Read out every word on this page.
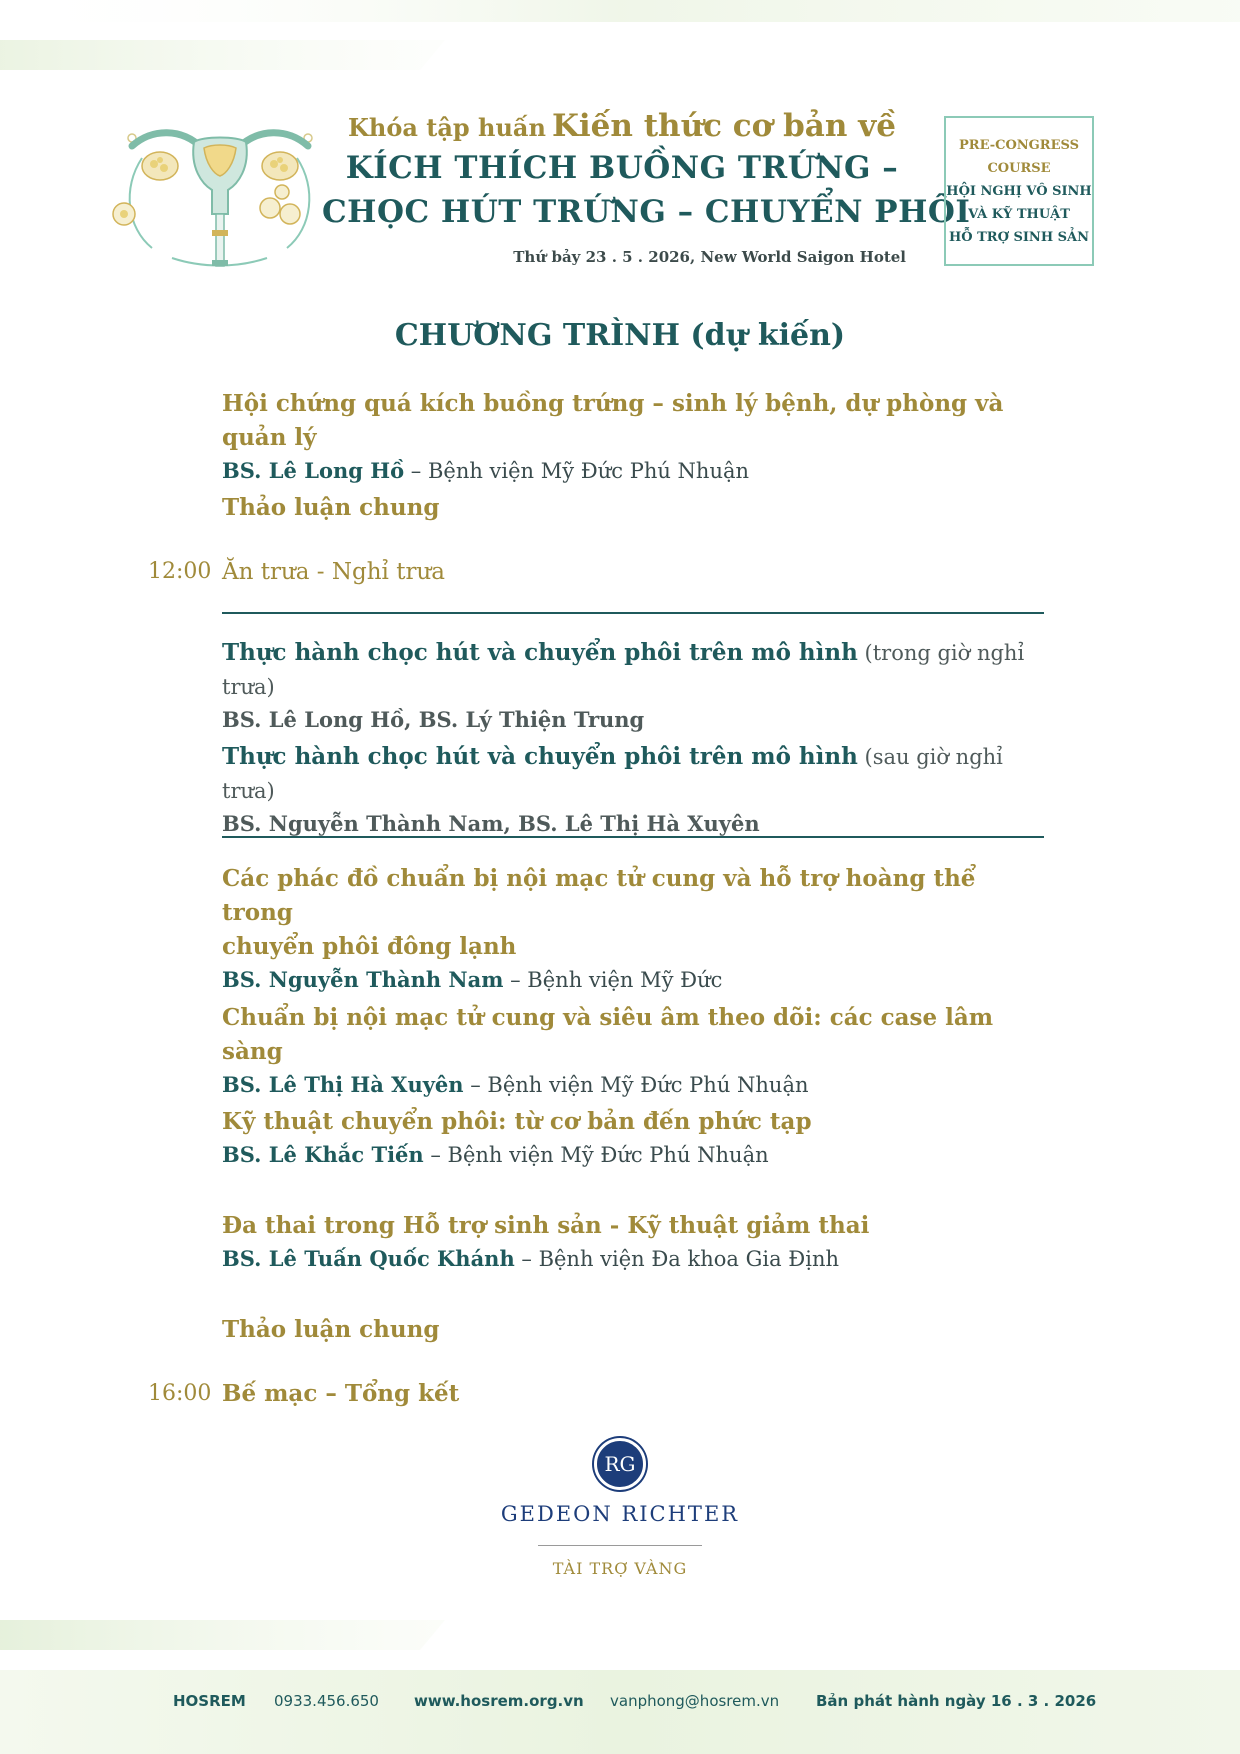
Khóa tập huấn Kiến thức cơ bản về
KÍCH THÍCH BUỒNG TRỨNG –
CHỌC HÚT TRỨNG – CHUYỂN PHÔI
Thứ bảy 23 . 5 . 2026, New World Saigon Hotel
PRE-CONGRESS
COURSE
HỘI NGHỊ VÔ SINH
VÀ KỸ THUẬT
HỖ TRỢ SINH SẢN
CHƯƠNG TRÌNH (dự kiến)
Hội chứng quá kích buồng trứng – sinh lý bệnh, dự phòng và quản lý
BS. Lê Long Hồ – Bệnh viện Mỹ Đức Phú Nhuận
Thảo luận chung
12:00 Ăn trưa - Nghỉ trưa
Thực hành chọc hút và chuyển phôi trên mô hình (trong giờ nghỉ trưa)
BS. Lê Long Hồ, BS. Lý Thiện Trung
Thực hành chọc hút và chuyển phôi trên mô hình (sau giờ nghỉ trưa)
BS. Nguyễn Thành Nam, BS. Lê Thị Hà Xuyên
Các phác đồ chuẩn bị nội mạc tử cung và hỗ trợ hoàng thể trong
chuyển phôi đông lạnh
BS. Nguyễn Thành Nam – Bệnh viện Mỹ Đức
Chuẩn bị nội mạc tử cung và siêu âm theo dõi: các case lâm sàng
BS. Lê Thị Hà Xuyên – Bệnh viện Mỹ Đức Phú Nhuận
Kỹ thuật chuyển phôi: từ cơ bản đến phức tạp
BS. Lê Khắc Tiến – Bệnh viện Mỹ Đức Phú Nhuận
Đa thai trong Hỗ trợ sinh sản - Kỹ thuật giảm thai
BS. Lê Tuấn Quốc Khánh – Bệnh viện Đa khoa Gia Định
Thảo luận chung
16:00 Bế mạc – Tổng kết
RG
GEDEON RICHTER
TÀI TRỢ VÀNG
HOSREM 0933.456.650 www.hosrem.org.vn vanphong@hosrem.vn Bản phát hành ngày 16 . 3 . 2026
